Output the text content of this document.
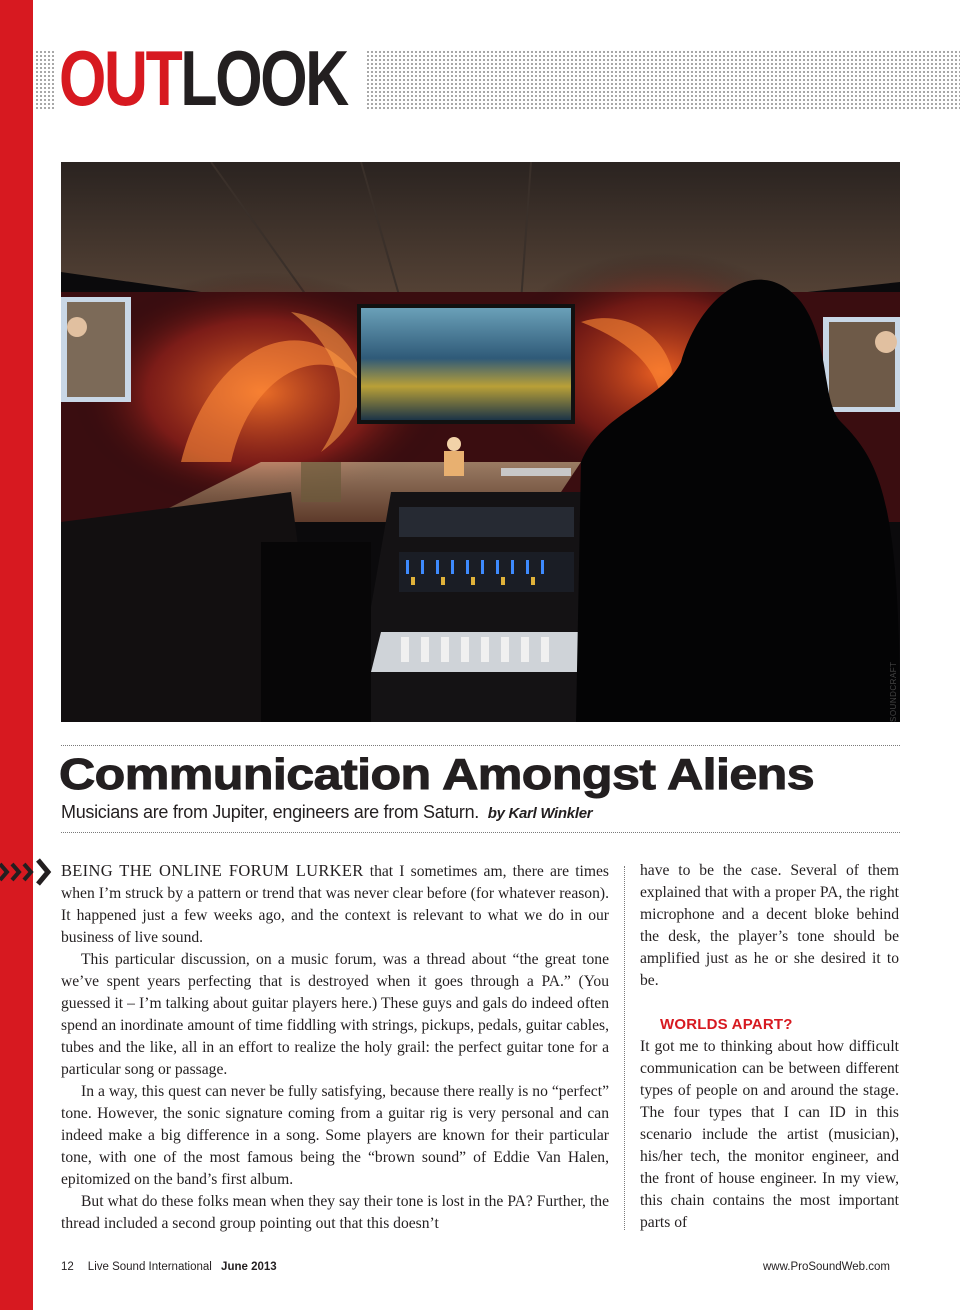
OUTLOOK
SOUNDCRAFT
Communication Amongst Aliens
Musicians are from Jupiter, engineers are from Saturn. by Karl Winkler

BEING THE ONLINE FORUM LURKER that I sometimes am, there are times when I’m struck by a pattern or trend that was never clear before (for whatever reason). It happened just a few weeks ago, and the context is relevant to what we do in our business of live sound.

This particular discussion, on a music forum, was a thread about “the great tone we’ve spent years perfecting that is destroyed when it goes through a PA.” (You guessed it – I’m talking about guitar players here.) These guys and gals do indeed often spend an inordinate amount of time fiddling with strings, pickups, pedals, guitar cables, tubes and the like, all in an effort to realize the holy grail: the perfect guitar tone for a particular song or passage.

In a way, this quest can never be fully satisfying, because there really is no “perfect” tone. However, the sonic signature coming from a guitar rig is very personal and can indeed make a big difference in a song. Some players are known for their particular tone, with one of the most famous being the “brown sound” of Eddie Van Halen, epitomized on the band’s first album.

But what do these folks mean when they say their tone is lost in the PA? Further, the thread included a second group pointing out that this doesn’t

have to be the case. Several of them explained that with a proper PA, the right microphone and a decent bloke behind the desk, the player’s tone should be amplified just as he or she desired it to be.

WORLDS APART?

It got me to thinking about how difficult communication can be between different types of people on and around the stage. The four types that I can ID in this scenario include the artist (musician), his/her tech, the monitor engineer, and the front of house engineer. In my view, this chain contains the most important parts of

12 Live Sound International June 2013	www.ProSoundWeb.com
